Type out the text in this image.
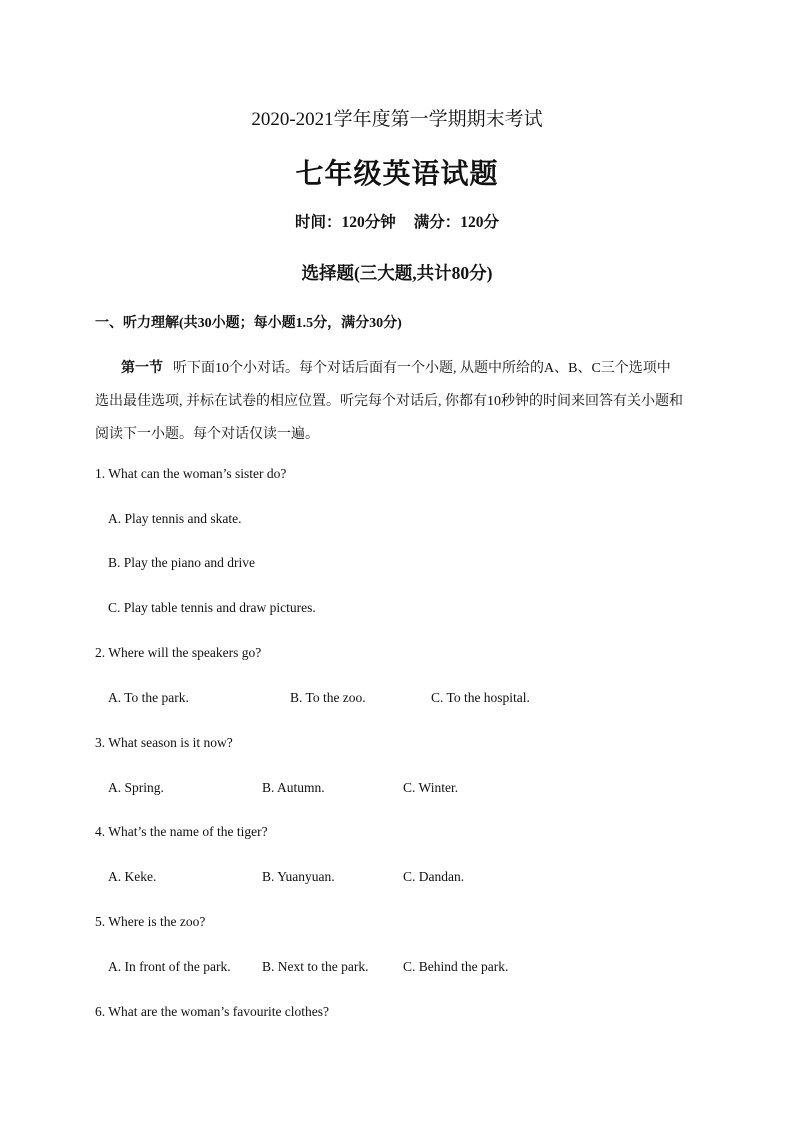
2020-2021学年度第一学期期末考试
七年级英语试题
时间：120分钟 满分：120分
选择题(三大题,共计80分)
一、听力理解(共30小题；每小题1.5分，满分30分)
第一节 听下面10个小对话。每个对话后面有一个小题, 从题中所给的A、B、C三个选项中
选出最佳选项, 并标在试卷的相应位置。听完每个对话后, 你都有10秒钟的时间来回答有关小题和
阅读下一小题。每个对话仅读一遍。
1. What can the woman’s sister do?
A. Play tennis and skate.
B. Play the piano and drive
C. Play table tennis and draw pictures.
2. Where will the speakers go?
A. To the park.	B. To the zoo.	C. To the hospital.
3. What season is it now?
A. Spring.	B. Autumn.	C. Winter.
4. What’s the name of the tiger?
A. Keke.	B. Yuanyuan.	C. Dandan.
5. Where is the zoo?
A. In front of the park. B. Next to the park.	C. Behind the park.
6. What are the woman’s favourite clothes?
